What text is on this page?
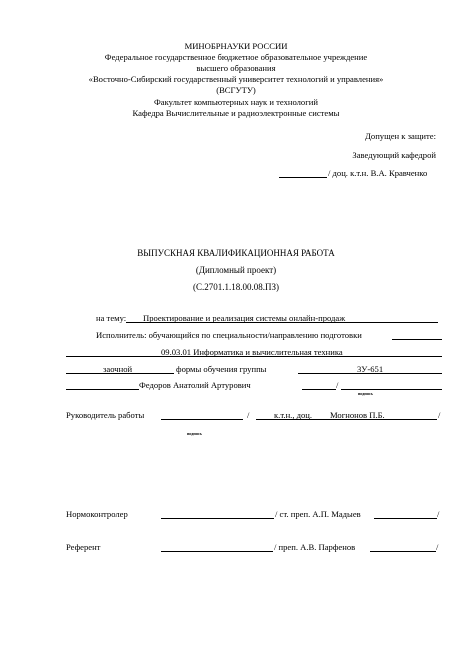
МИНОБРНАУКИ РОССИИ
Федеральное государственное бюджетное образовательное учреждение
высшего образования
«Восточно-Сибирский государственный университет технологий и управления»
(ВСГУТУ)
Факультет компьютерных наук и технологий
Кафедра Вычислительные и радиоэлектронные системы
Допущен к защите:
Заведующий кафедрой
/ доц. к.т.н. В.А. Кравченко
ВЫПУСКНАЯ КВАЛИФИКАЦИОННАЯ РАБОТА
(Дипломный проект)
(С.2701.1.18.00.08.ПЗ)
на тему: Проектирование и реализация системы онлайн-продаж
Исполнитель: обучающийся по специальности/направлению подготовки
09.03.01 Информатика и вычислительная техника
заочной	формы обучения группы	3У-651
Федоров Анатолий Артурович	/
подпись
Руководитель работы	/	к.т.н., доц. Могнонов П.Б.	/
подпись
Нормоконтролер	/ ст. преп. А.П. Мадыев	/
Референт	/ преп. А.В. Парфенов	/
